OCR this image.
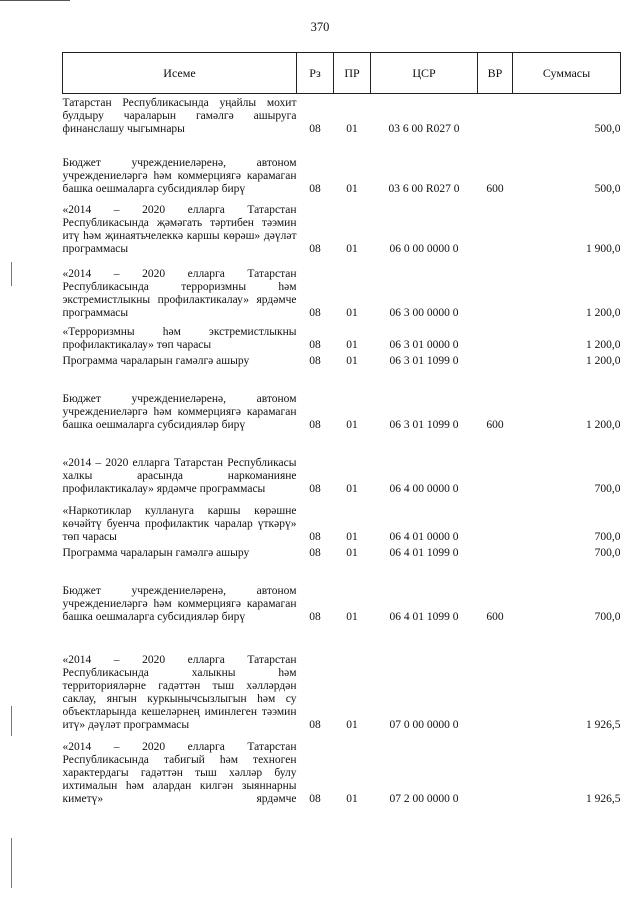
370
Исеме	Рз	ПР	ЦСР	ВР	Суммасы
Татарстан Республикасында уңайлы мохит булдыру чараларын гамәлгә ашыруга финанслашу чыгымнары	08	01	03 6 00 R027 0		500,0
Бюджет учреждениеләренә, автоном учреждениеләргә һәм коммерциягә карамаган башка оешмаларга субсидияләр бирү	08	01	03 6 00 R027 0	600	500,0
«2014 – 2020 елларга Татарстан Республикасында җәмәгать тәртибен тәэмин итү һәм җинаятьчелеккә каршы көрәш» дәүләт программасы	08	01	06 0 00 0000 0		1 900,0
«2014 – 2020 елларга Татарстан Республикасында терроризмны һәм экстремистлыкны профилактикалау» ярдәмче программасы	08	01	06 3 00 0000 0		1 200,0
«Терроризмны һәм экстремистлыкны профилактикалау» төп чарасы	08	01	06 3 01 0000 0		1 200,0
Программа чараларын гамәлгә ашыру	08	01	06 3 01 1099 0		1 200,0
Бюджет учреждениеләренә, автоном учреждениеләргә һәм коммерциягә карамаган башка оешмаларга субсидияләр бирү	08	01	06 3 01 1099 0	600	1 200,0
«2014 – 2020 елларга Татарстан Республикасы халкы арасында наркоманияне профилактикалау» ярдәмче программасы	08	01	06 4 00 0000 0		700,0
«Наркотиклар куллануга каршы көрәшне көчәйтү буенча профилактик чаралар үткәрү» төп чарасы	08	01	06 4 01 0000 0		700,0
Программа чараларын гамәлгә ашыру	08	01	06 4 01 1099 0		700,0
Бюджет учреждениеләренә, автоном учреждениеләргә һәм коммерциягә карамаган башка оешмаларга субсидияләр бирү	08	01	06 4 01 1099 0	600	700,0
«2014 – 2020 елларга Татарстан Республикасында халыкны һәм территорияләрне гадәттән тыш хәлләрдән саклау, янгын куркынычсызлыгын һәм су объектларында кешеләрнең иминлеген тәэмин итү» дәүләт программасы	08	01	07 0 00 0000 0		1 926,5
«2014 – 2020 елларга Татарстан Республикасында табигый һәм техноген характердагы гадәттән тыш хәлләр булу ихтималын һәм алардан килгән зыяннарны киметү» ярдәмче	08	01	07 2 00 0000 0		1 926,5
